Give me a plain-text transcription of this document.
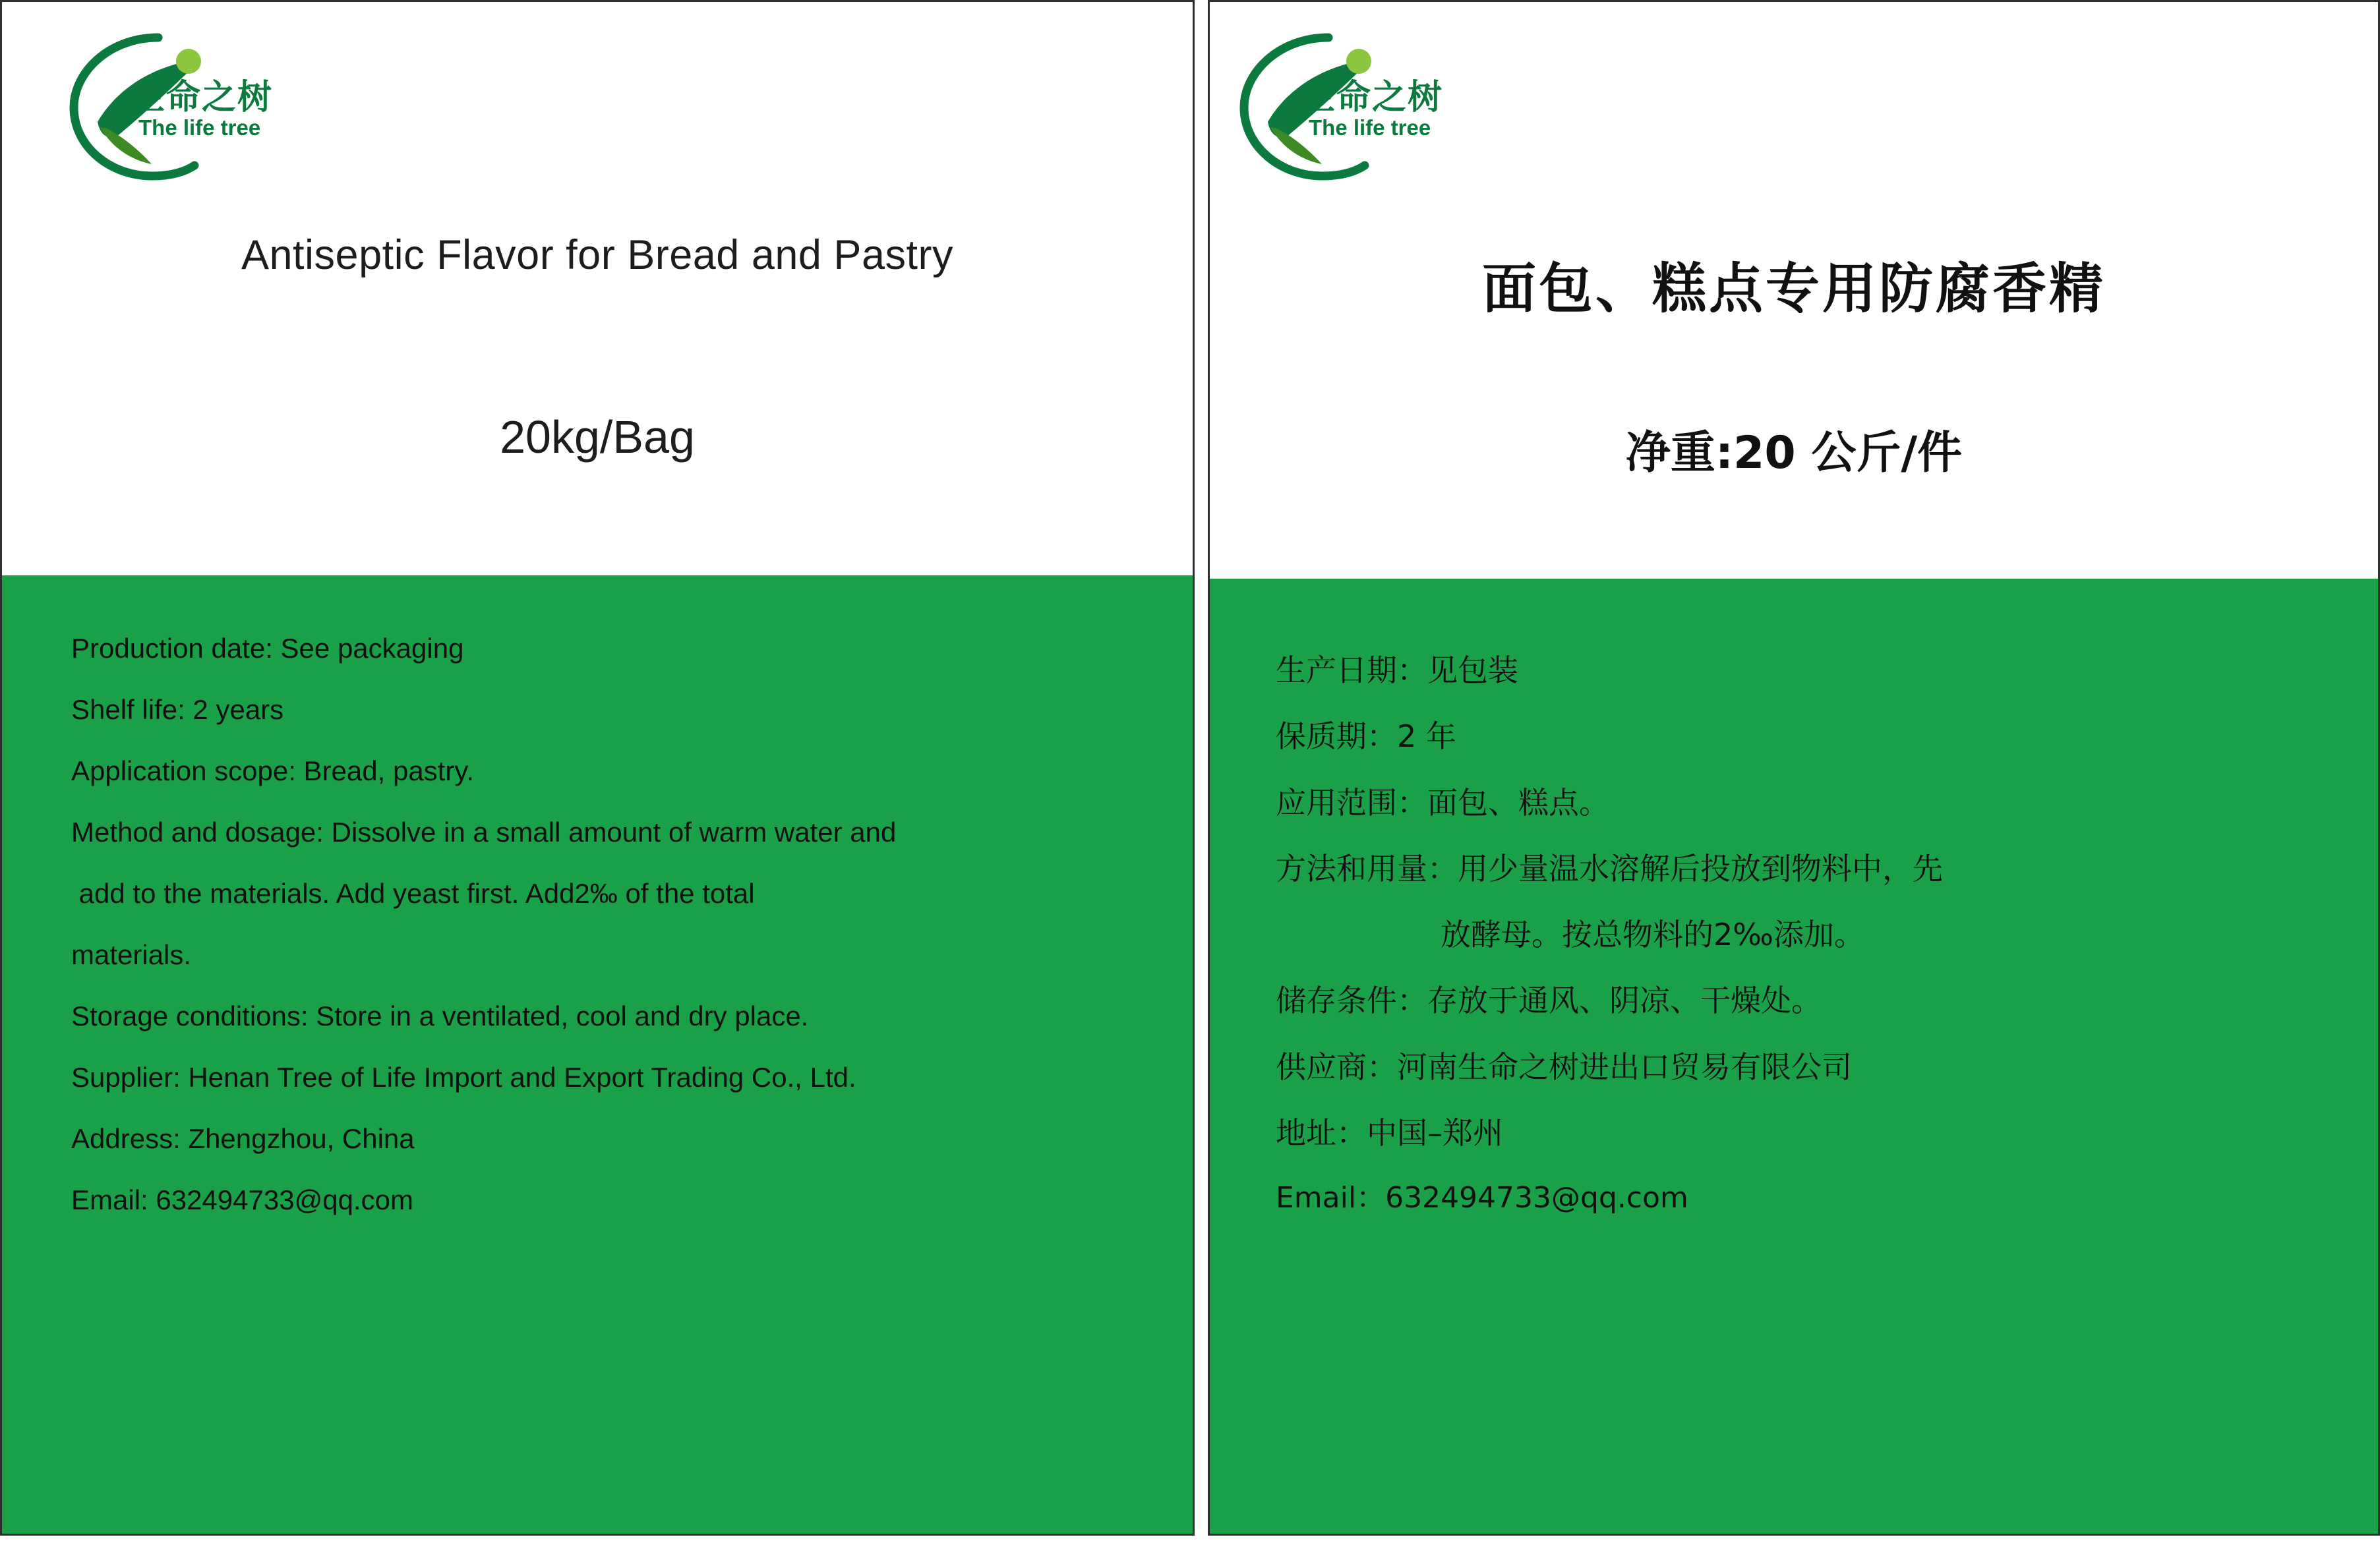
Antiseptic Flavor for Bread and Pastry
20kg/Bag
Production date: See packaging
Shelf life: 2 years
Application scope: Bread, pastry.
Method and dosage: Dissolve in a small amount of warm water and
add to the materials. Add yeast first. Add2‰ of the total
materials.
Storage conditions: Store in a ventilated, cool and dry place.
Supplier: Henan Tree of Life Import and Export Trading Co., Ltd.
Address: Zhengzhou, China
Email: 632494733@qq.com
面包、糕点专用防腐香精
净重:20 公斤/件
生产日期：见包装
保质期：2 年
应用范围：面包、糕点。
方法和用量：用少量温水溶解后投放到物料中，先
放酵母。按总物料的2‰添加。
储存条件：存放于通风、阴凉、干燥处。
供应商：河南生命之树进出口贸易有限公司
地址：中国–郑州
Email：632494733@qq.com
生命之树
The life tree
生命之树
The life tree
